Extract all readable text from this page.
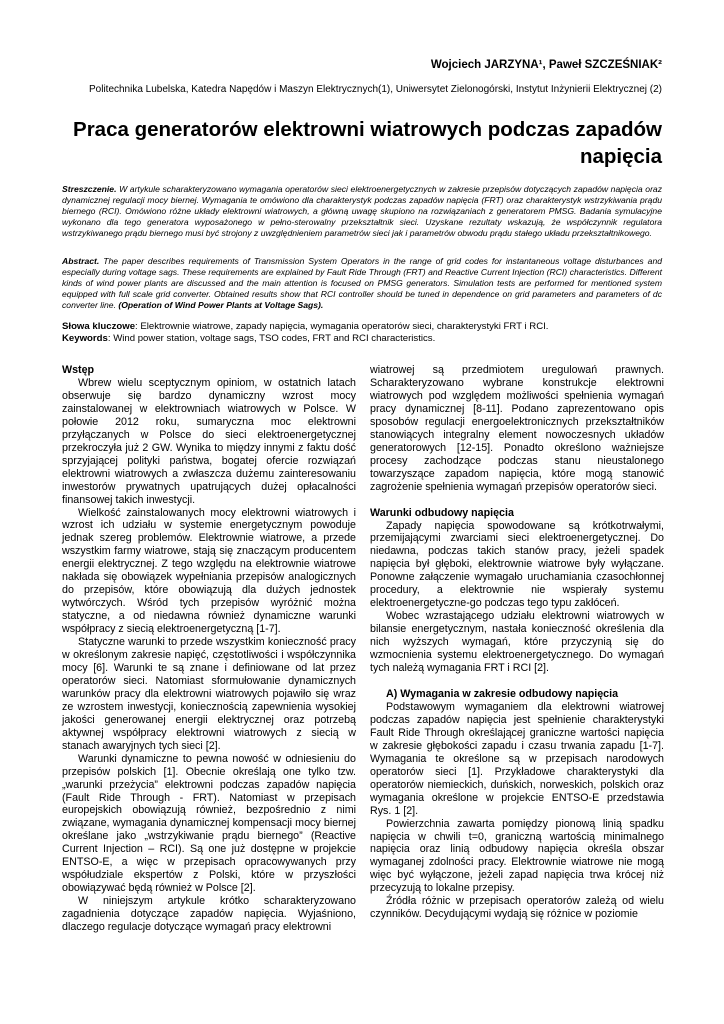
Wojciech JARZYNA¹, Paweł SZCZEŚNIAK²
Politechnika Lubelska, Katedra Napędów i Maszyn Elektrycznych(1), Uniwersytet Zielonogórski, Instytut Inżynierii Elektrycznej (2)
Praca generatorów elektrowni wiatrowych podczas zapadów napięcia
Streszczenie. W artykule scharakteryzowano wymagania operatorów sieci elektroenergetycznych w zakresie przepisów dotyczących zapadów napięcia oraz dynamicznej regulacji mocy biernej. Wymagania te omówiono dla charakterystyk podczas zapadów napięcia (FRT) oraz charakterystyk wstrzykiwania prądu biernego (RCI). Omówiono różne układy elektrowni wiatrowych, a główną uwagę skupiono na rozwiązaniach z generatorem PMSG. Badania symulacyjne wykonano dla tego generatora wyposażonego w pełno-sterowalny przekształtnik sieci. Uzyskane rezultaty wskazują, że współczynnik regulatora wstrzykiwanego prądu biernego musi być strojony z uwzględnieniem parametrów sieci jak i parametrów obwodu prądu stałego układu przekształtnikowego.
Abstract. The paper describes requirements of Transmission System Operators in the range of grid codes for instantaneous voltage disturbances and especially during voltage sags. These requirements are explained by Fault Ride Through (FRT) and Reactive Current Injection (RCI) characteristics. Different kinds of wind power plants are discussed and the main attention is focused on PMSG generators. Simulation tests are performed for mentioned system equipped with full scale grid converter. Obtained results show that RCI controller should be tuned in dependence on grid parameters and parameters of dc converter line. (Operation of Wind Power Plants at Voltage Sags).
Słowa kluczowe: Elektrownie wiatrowe, zapady napięcia, wymagania operatorów sieci, charakterystyki FRT i RCI.
Keywords: Wind power station, voltage sags, TSO codes, FRT and RCI characteristics.
Wstęp

Wbrew wielu sceptycznym opiniom, w ostatnich latach obserwuje się bardzo dynamiczny wzrost mocy zainstalowanej w elektrowniach wiatrowych w Polsce. W połowie 2012 roku, sumaryczna moc elektrowni przyłączanych w Polsce do sieci elektroenergetycznej przekroczyła już 2 GW. Wynika to między innymi z faktu dość sprzyjającej polityki państwa, bogatej ofercie rozwiązań elektrowni wiatrowych a zwłaszcza dużemu zainteresowaniu inwestorów prywatnych upatrujących dużej opłacalności finansowej takich inwestycji.

Wielkość zainstalowanych mocy elektrowni wiatrowych i wzrost ich udziału w systemie energetycznym powoduje jednak szereg problemów. Elektrownie wiatrowe, a przede wszystkim farmy wiatrowe, stają się znaczącym producentem energii elektrycznej. Z tego względu na elektrownie wiatrowe nakłada się obowiązek wypełniania przepisów analogicznych do przepisów, które obowiązują dla dużych jednostek wytwórczych. Wśród tych przepisów wyróżnić można statyczne, a od niedawna również dynamiczne warunki współpracy z siecią elektroenergetyczną [1-7].

Statyczne warunki to przede wszystkim konieczność pracy w określonym zakresie napięć, częstotliwości i współczynnika mocy [6]. Warunki te są znane i definiowane od lat przez operatorów sieci. Natomiast sformułowanie dynamicznych warunków pracy dla elektrowni wiatrowych pojawiło się wraz ze wzrostem inwestycji, koniecznością zapewnienia wysokiej jakości generowanej energii elektrycznej oraz potrzebą aktywnej współpracy elektrowni wiatrowych z siecią w stanach awaryjnych tych sieci [2].

Warunki dynamiczne to pewna nowość w odniesieniu do przepisów polskich [1]. Obecnie określają one tylko tzw. „warunki przeżycia” elektrowni podczas zapadów napięcia (Fault Ride Through - FRT). Natomiast w przepisach europejskich obowiązują również, bezpośrednio z nimi związane, wymagania dynamicznej kompensacji mocy biernej określane jako „wstrzykiwanie prądu biernego” (Reactive Current Injection – RCI). Są one już dostępne w projekcie ENTSO-E, a więc w przepisach opracowywanych przy współudziale ekspertów z Polski, które w przyszłości obowiązywać będą również w Polsce [2].

W niniejszym artykule krótko scharakteryzowano zagadnienia dotyczące zapadów napięcia. Wyjaśniono, dlaczego regulacje dotyczące wymagań pracy elektrowni

wiatrowej są przedmiotem uregulowań prawnych. Scharakteryzowano wybrane konstrukcje elektrowni wiatrowych pod względem możliwości spełnienia wymagań pracy dynamicznej [8-11]. Podano zaprezentowano opis sposobów regulacji energoelektronicznych przekształtników stanowiących integralny element nowoczesnych układów generatorowych [12-15]. Ponadto określono ważniejsze procesy zachodzące podczas stanu nieustalonego towarzyszące zapadom napięcia, które mogą stanowić zagrożenie spełnienia wymagań przepisów operatorów sieci.

Warunki odbudowy napięcia

Zapady napięcia spowodowane są krótkotrwałymi, przemijającymi zwarciami sieci elektroenergetycznej. Do niedawna, podczas takich stanów pracy, jeżeli spadek napięcia był głęboki, elektrownie wiatrowe były wyłączane. Ponowne załączenie wymagało uruchamiania czasochłonnej procedury, a elektrownie nie wspierały systemu elektroenergetyczne-go podczas tego typu zakłóceń.

Wobec wzrastającego udziału elektrowni wiatrowych w bilansie energetycznym, nastała konieczność określenia dla nich wyższych wymagań, które przyczynią się do wzmocnienia systemu elektroenergetycznego. Do wymagań tych należą wymagania FRT i RCI [2].

A) Wymagania w zakresie odbudowy napięcia

Podstawowym wymaganiem dla elektrowni wiatrowej podczas zapadów napięcia jest spełnienie charakterystyki Fault Ride Through określającej graniczne wartości napięcia w zakresie głębokości zapadu i czasu trwania zapadu [1-7]. Wymagania te określone są w przepisach narodowych operatorów sieci [1]. Przykładowe charakterystyki dla operatorów niemieckich, duńskich, norweskich, polskich oraz wymagania określone w projekcie ENTSO-E przedstawia Rys. 1 [2].

Powierzchnia zawarta pomiędzy pionową linią spadku napięcia w chwili t=0, graniczną wartością minimalnego napięcia oraz linią odbudowy napięcia określa obszar wymaganej zdolności pracy. Elektrownie wiatrowe nie mogą więc być wyłączone, jeżeli zapad napięcia trwa krócej niż przecyzują to lokalne przepisy.

Źródła różnic w przepisach operatorów zależą od wielu czynników. Decydującymi wydają się różnice w poziomie
